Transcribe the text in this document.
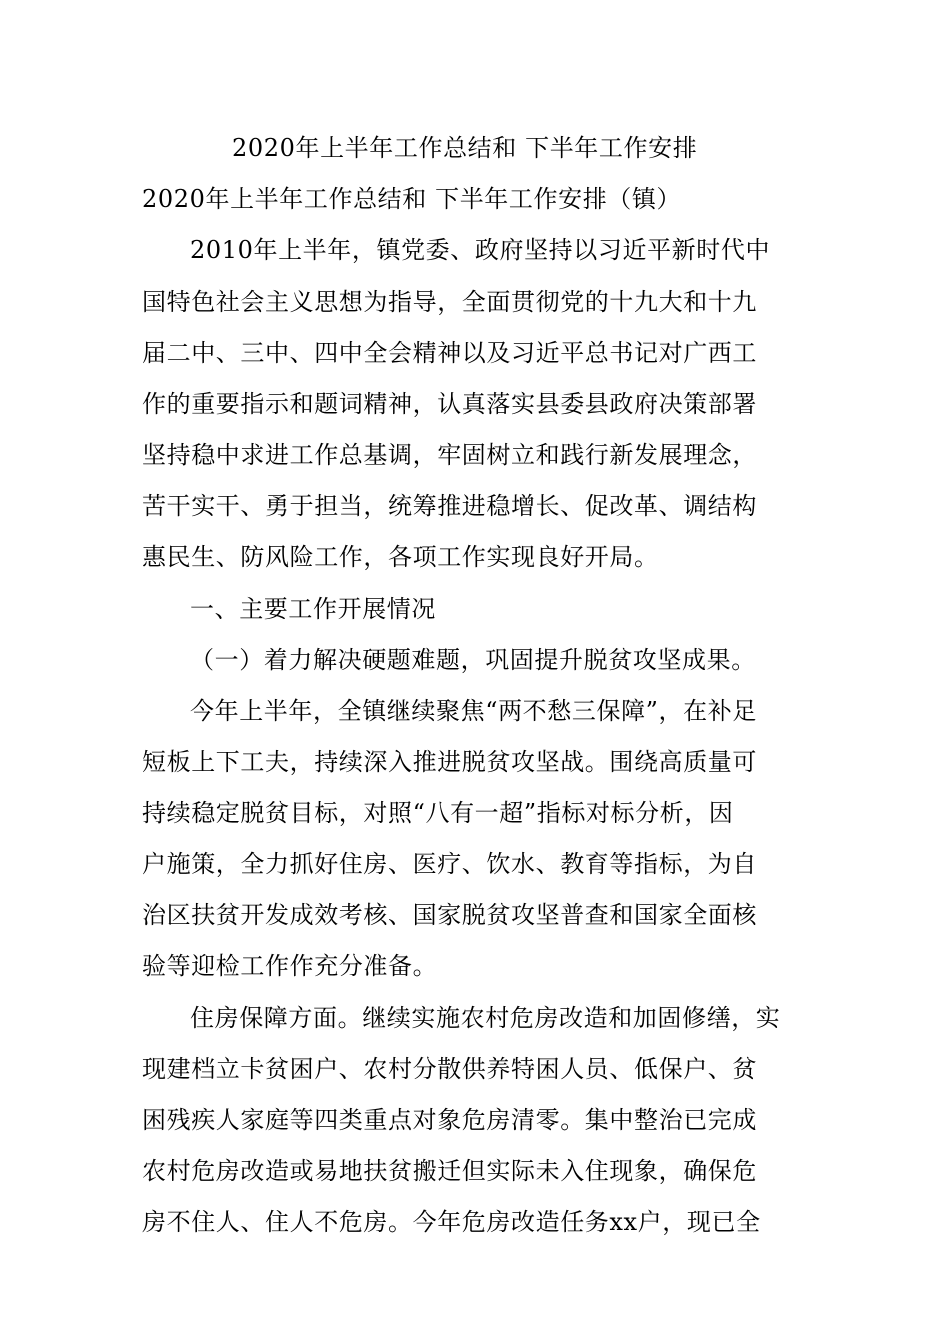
2020年上半年工作总结和 下半年工作安排
2020年上半年工作总结和 下半年工作安排（镇）
2010年上半年，镇党委、政府坚持以习近平新时代中
国特色社会主义思想为指导，全面贯彻党的十九大和十九
届二中、三中、四中全会精神以及习近平总书记对广西工
作的重要指示和题词精神，认真落实县委县政府决策部署
坚持稳中求进工作总基调，牢固树立和践行新发展理念，
苦干实干、勇于担当，统筹推进稳增长、促改革、调结构
惠民生、防风险工作，各项工作实现良好开局。
一、主要工作开展情况
（一）着力解决硬题难题，巩固提升脱贫攻坚成果。
今年上半年，全镇继续聚焦“两不愁三保障”，在补足
短板上下工夫，持续深入推进脱贫攻坚战。围绕高质量可
持续稳定脱贫目标，对照“八有一超”指标对标分析，因
户施策，全力抓好住房、医疗、饮水、教育等指标，为自
治区扶贫开发成效考核、国家脱贫攻坚普查和国家全面核
验等迎检工作作充分准备。
住房保障方面。继续实施农村危房改造和加固修缮，实
现建档立卡贫困户、农村分散供养特困人员、低保户、贫
困残疾人家庭等四类重点对象危房清零。集中整治已完成
农村危房改造或易地扶贫搬迁但实际未入住现象，确保危
房不住人、住人不危房。今年危房改造任务xx户，现已全
